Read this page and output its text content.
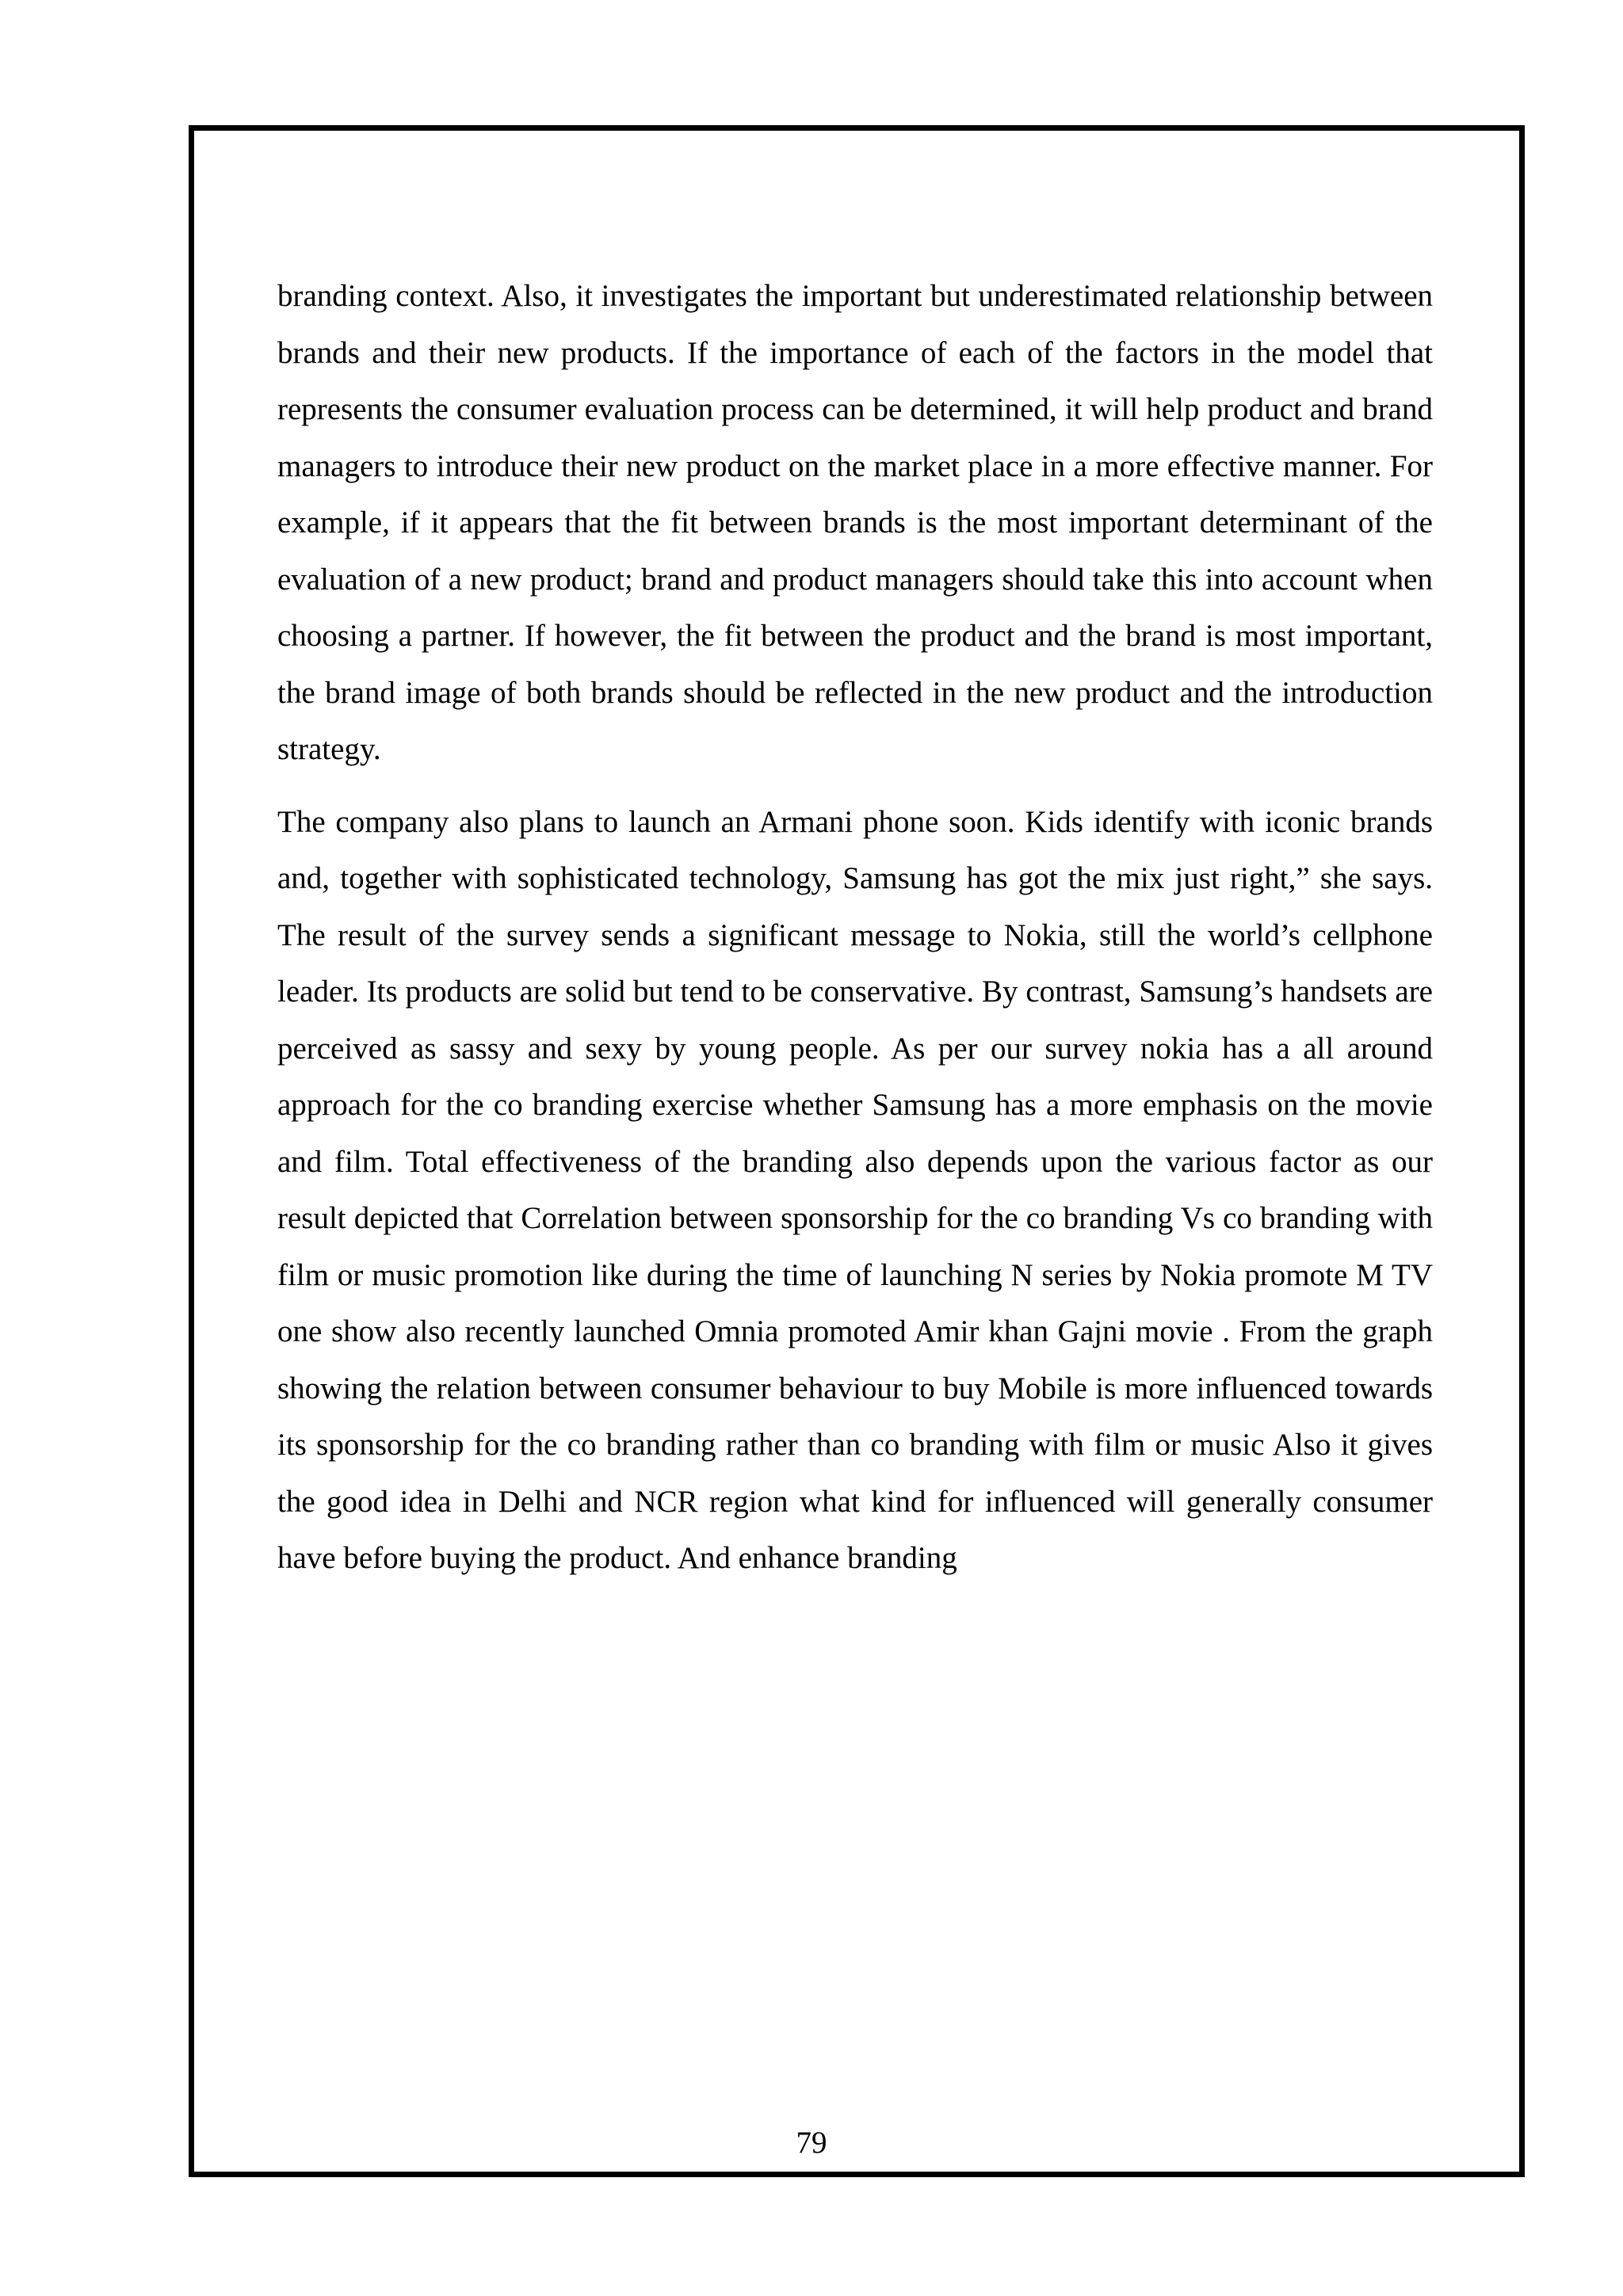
branding context. Also, it investigates the important but underestimated relationship between brands and their new products. If the importance of each of the factors in the model that represents the consumer evaluation process can be determined, it will help product and brand managers to introduce their new product on the market place in a more effective manner. For example, if it appears that the fit between brands is the most important determinant of the evaluation of a new product; brand and product managers should take this into account when choosing a partner. If however, the fit between the product and the brand is most important, the brand image of both brands should be reflected in the new product and the introduction strategy.

The company also plans to launch an Armani phone soon. Kids identify with iconic brands and, together with sophisticated technology, Samsung has got the mix just right,” she says. The result of the survey sends a significant message to Nokia, still the world’s cellphone leader. Its products are solid but tend to be conservative. By contrast, Samsung’s handsets are perceived as sassy and sexy by young people. As per our survey nokia has a all around approach for the co branding exercise whether Samsung has a more emphasis on the movie and film. Total effectiveness of the branding also depends upon the various factor as our result depicted that Correlation between sponsorship for the co branding Vs co branding with film or music promotion like during the time of launching N series by Nokia promote M TV one show also recently launched Omnia promoted Amir khan Gajni movie . From the graph showing the relation between consumer behaviour to buy Mobile is more influenced towards its sponsorship for the co branding rather than co branding with film or music Also it gives the good idea in Delhi and NCR region what kind for influenced will generally consumer have before buying the product. And enhance branding

79
